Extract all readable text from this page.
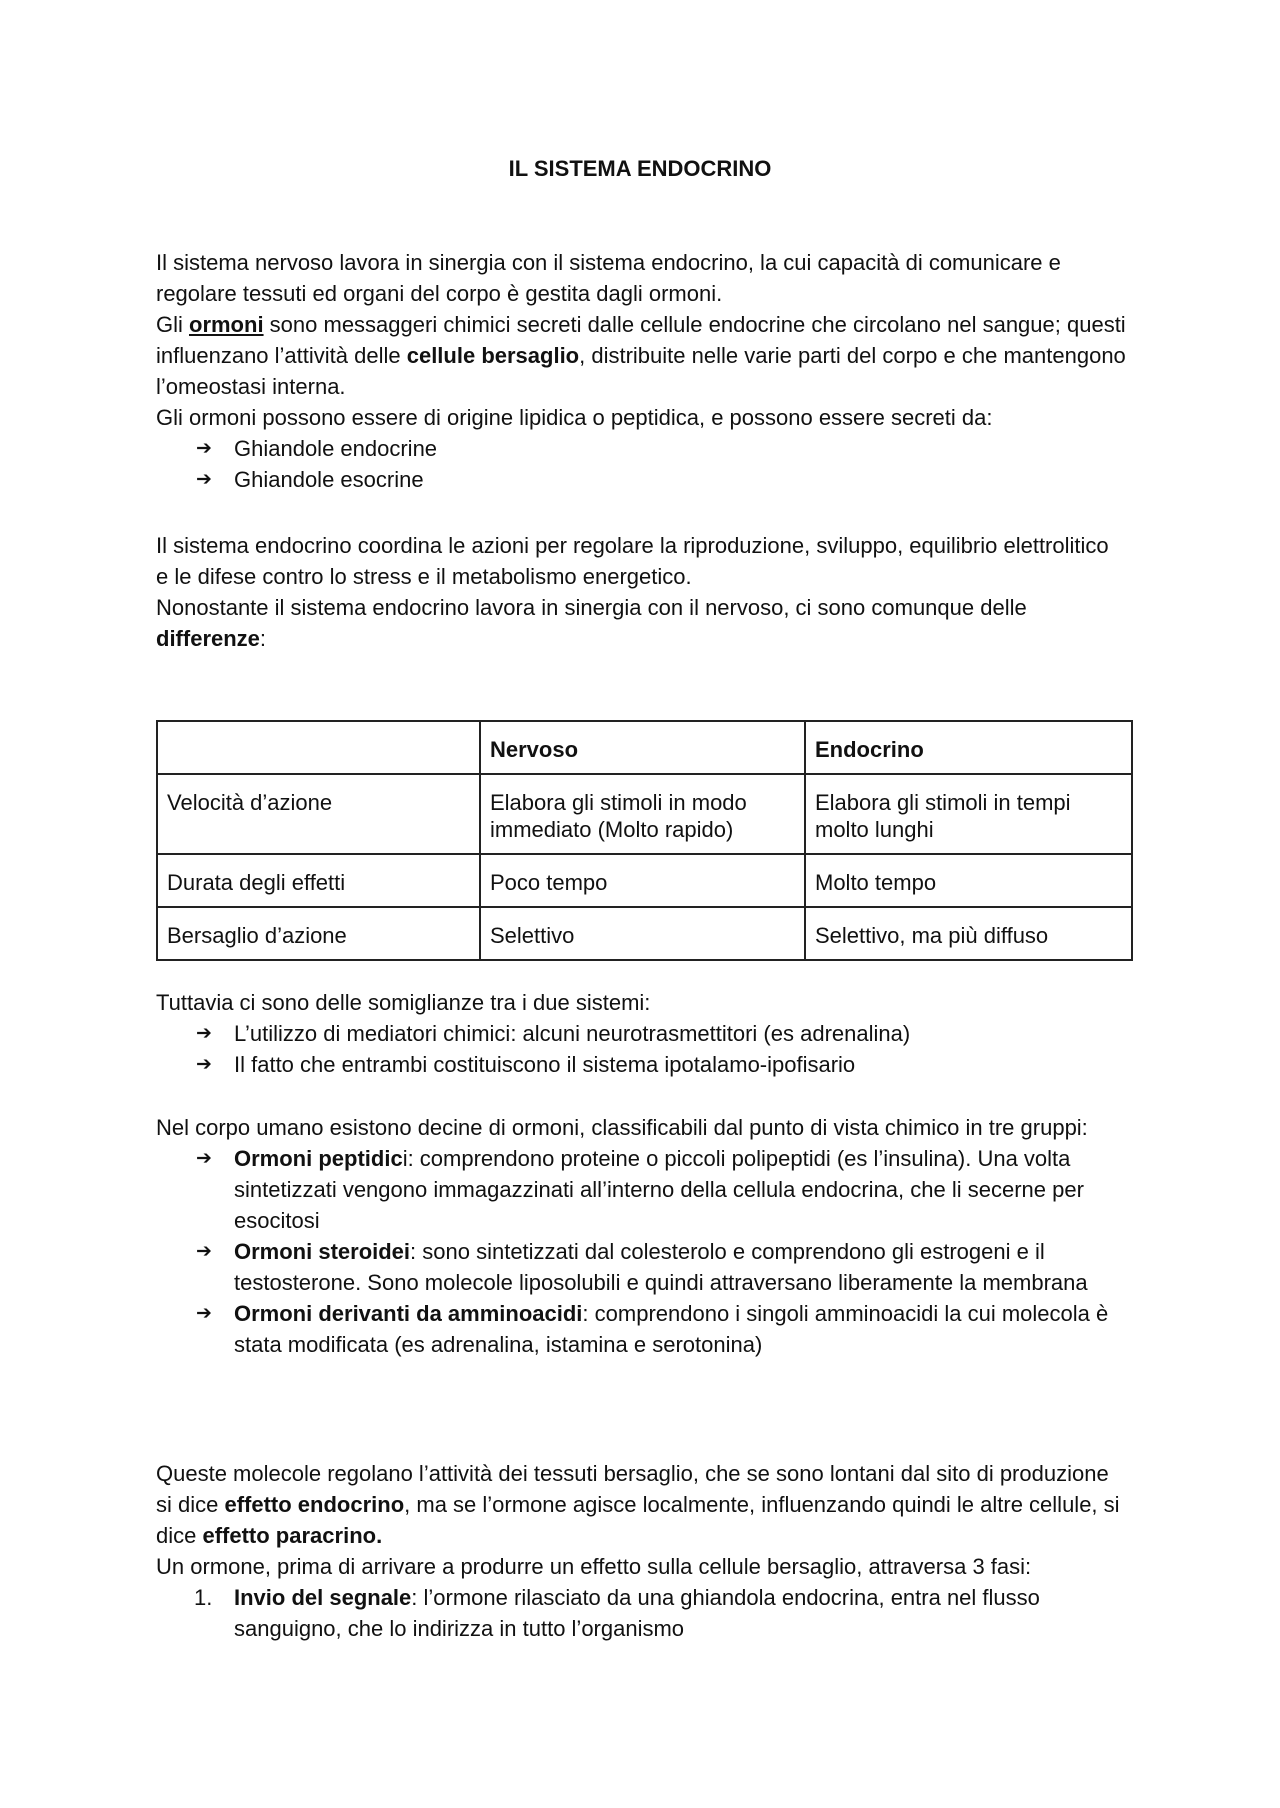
IL SISTEMA ENDOCRINO

Il sistema nervoso lavora in sinergia con il sistema endocrino, la cui capacità di comunicare e regolare tessuti ed organi del corpo è gestita dagli ormoni.

Gli ormoni sono messaggeri chimici secreti dalle cellule endocrine che circolano nel sangue; questi influenzano l’attività delle cellule bersaglio, distribuite nelle varie parti del corpo e che mantengono l’omeostasi interna.

Gli ormoni possono essere di origine lipidica o peptidica, e possono essere secreti da:

➔ Ghiandole endocrine
➔ Ghiandole esocrine

Il sistema endocrino coordina le azioni per regolare la riproduzione, sviluppo, equilibrio elettrolitico e le difese contro lo stress e il metabolismo energetico.

Nonostante il sistema endocrino lavora in sinergia con il nervoso, ci sono comunque delle differenze:

	Nervoso	Endocrino
Velocità d’azione	Elabora gli stimoli in modo immediato (Molto rapido)	Elabora gli stimoli in tempi molto lunghi
Durata degli effetti	Poco tempo	Molto tempo
Bersaglio d’azione	Selettivo	Selettivo, ma più diffuso

Tuttavia ci sono delle somiglianze tra i due sistemi:

➔ L’utilizzo di mediatori chimici: alcuni neurotrasmettitori (es adrenalina)
➔ Il fatto che entrambi costituiscono il sistema ipotalamo-ipofisario

Nel corpo umano esistono decine di ormoni, classificabili dal punto di vista chimico in tre gruppi:

➔ Ormoni peptidici: comprendono proteine o piccoli polipeptidi (es l’insulina). Una volta sintetizzati vengono immagazzinati all’interno della cellula endocrina, che li secerne per esocitosi
➔ Ormoni steroidei: sono sintetizzati dal colesterolo e comprendono gli estrogeni e il testosterone. Sono molecole liposolubili e quindi attraversano liberamente la membrana
➔ Ormoni derivanti da amminoacidi: comprendono i singoli amminoacidi la cui molecola è stata modificata (es adrenalina, istamina e serotonina)

Queste molecole regolano l’attività dei tessuti bersaglio, che se sono lontani dal sito di produzione si dice effetto endocrino, ma se l’ormone agisce localmente, influenzando quindi le altre cellule, si dice effetto paracrino.

Un ormone, prima di arrivare a produrre un effetto sulla cellule bersaglio, attraversa 3 fasi:

1. Invio del segnale: l’ormone rilasciato da una ghiandola endocrina, entra nel flusso sanguigno, che lo indirizza in tutto l’organismo
